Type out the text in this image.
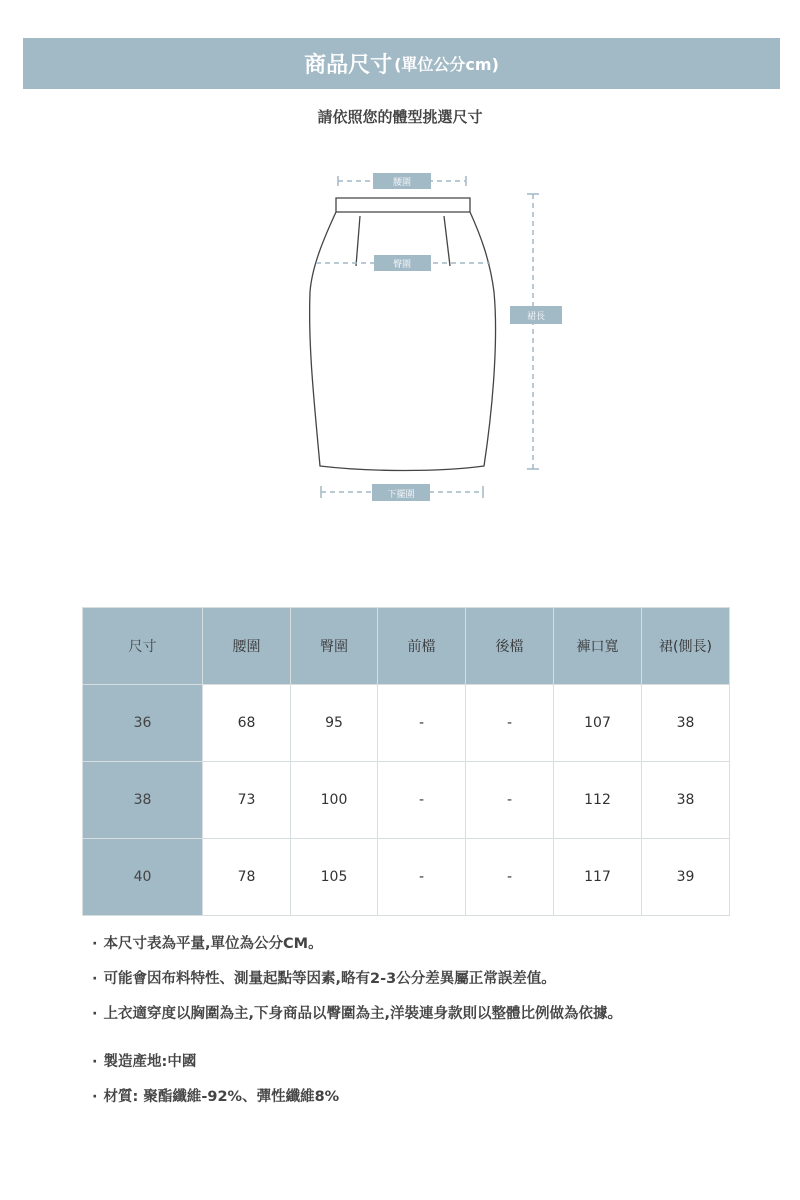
商品尺寸 (單位公分cm)
請依照您的體型挑選尺寸
腰圍
臀圍
裙長
下擺圍
尺寸	腰圍	臀圍	前檔	後檔	褲口寬	裙(側長)
36	68	95	-	-	107	38
38	73	100	-	-	112	38
40	78	105	-	-	117	39
· 本尺寸表為平量,單位為公分CM。
· 可能會因布料特性、測量起點等因素,略有2-3公分差異屬正常誤差值。
· 上衣適穿度以胸圍為主,下身商品以臀圍為主,洋裝連身款則以整體比例做為依據。
· 製造產地:中國
· 材質: 聚酯纖維-92%、彈性纖維8%
